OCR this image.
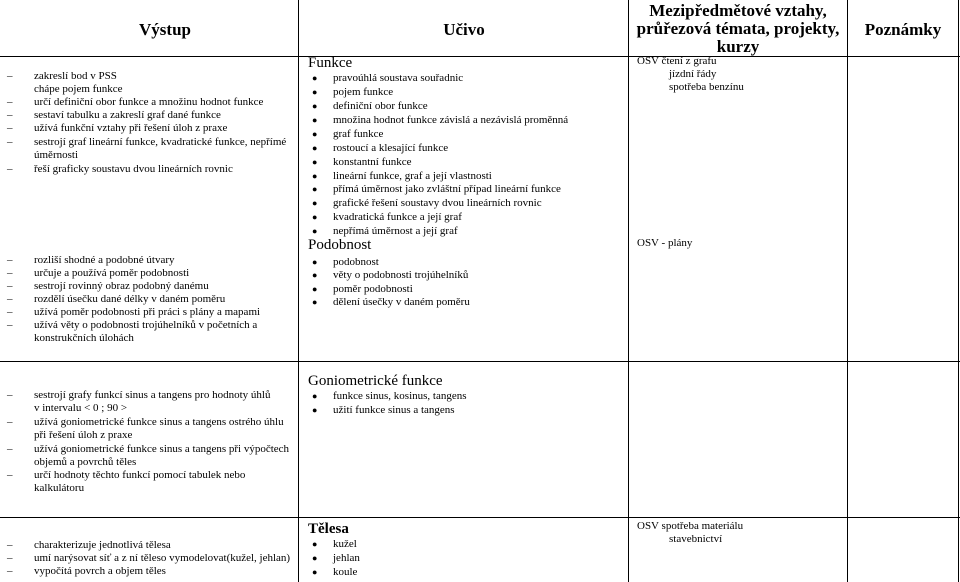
Výstup	Učivo
Mezipředmětové vztahy,
průřezová témata, projekty,
kurzy
Poznámky
– zakreslí bod v PSS
chápe pojem funkce
– určí definiční obor funkce a množinu hodnot funkce
– sestaví tabulku a zakreslí graf dané funkce
– užívá funkční vztahy při řešení úloh z praxe
– sestrojí graf lineární funkce, kvadratické funkce, nepřímé
úměrnosti
– řeší graficky soustavu dvou lineárních rovnic
– rozliší shodné a podobné útvary
– určuje a používá poměr podobnosti
– sestrojí rovinný obraz podobný danému
– rozdělí úsečku dané délky v daném poměru
– užívá poměr podobnosti při práci s plány a mapami
– užívá věty o podobnosti trojúhelníků v početních a
konstrukčních úlohách
Funkce
● pravoúhlá soustava souřadnic
● pojem funkce
● definiční obor funkce
● množina hodnot funkce závislá a nezávislá proměnná
● graf funkce
● rostoucí a klesající funkce
● konstantní funkce
● lineární funkce, graf a její vlastnosti
● přímá úměrnost jako zvláštní případ lineární funkce
● grafické řešení soustavy dvou lineárních rovnic
● kvadratická funkce a její graf
● nepřímá úměrnost a její graf
Podobnost
● podobnost
● věty o podobnosti trojúhelníků
● poměr podobnosti
● dělení úsečky v daném poměru
OSV čtení z grafu
jízdní řády
spotřeba benzínu
OSV - plány
– sestrojí grafy funkcí sinus a tangens pro hodnoty úhlů
v intervalu < 0 ; 90 >
– užívá goniometrické funkce sinus a tangens ostrého úhlu
při řešení úloh z praxe
– užívá goniometrické funkce sinus a tangens při výpočtech
objemů a povrchů těles
– určí hodnoty těchto funkcí pomocí tabulek nebo
kalkulátoru
Goniometrické funkce
● funkce sinus, kosinus, tangens
● užití funkce sinus a tangens
– charakterizuje jednotlivá tělesa
– umí narýsovat síť a z ní těleso vymodelovat(kužel, jehlan)
– vypočítá povrch a objem těles
Tělesa
● kužel
● jehlan
● koule
OSV spotřeba materiálu
stavebnictví
